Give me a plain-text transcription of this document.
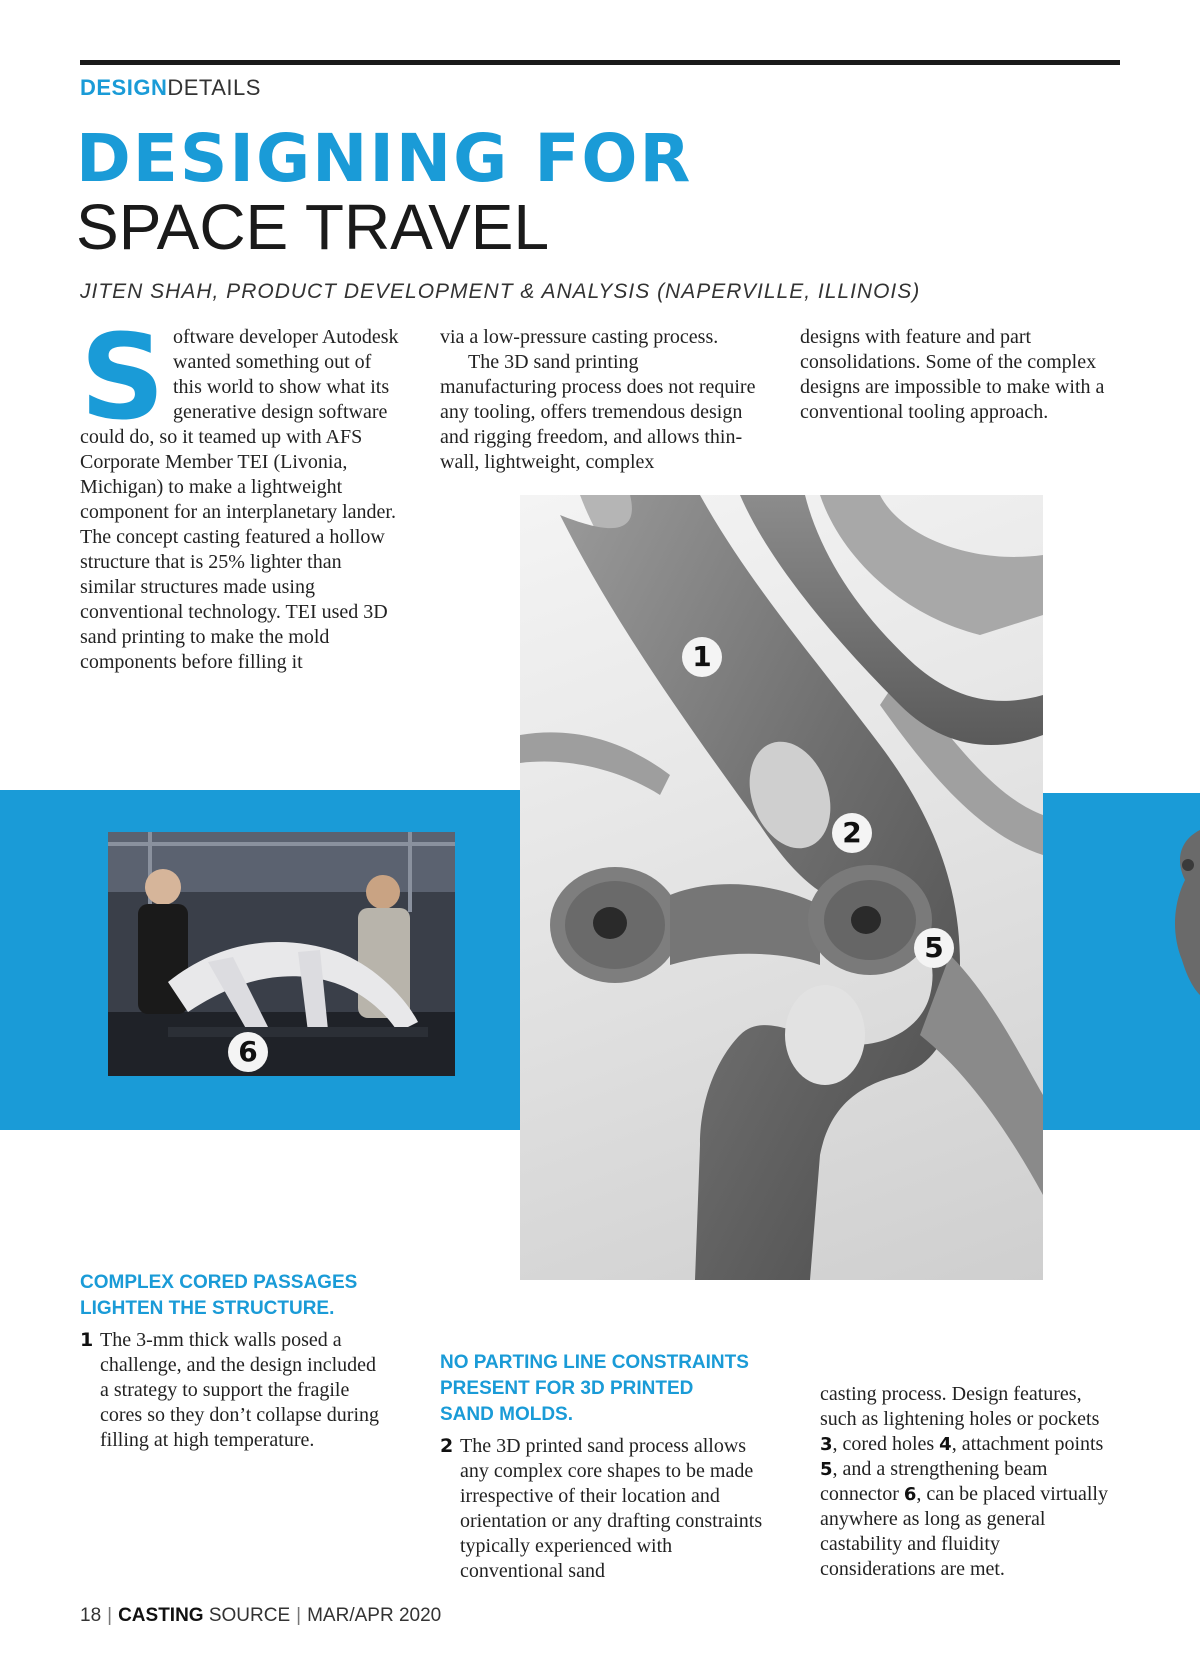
DESIGNDETAILS
DESIGNING FOR
SPACE TRAVEL
JITEN SHAH, PRODUCT DEVELOPMENT & ANALYSIS (NAPERVILLE, ILLINOIS)
S oftware developer Autodesk wanted something out of this world to show what its generative design software could do, so it teamed up with AFS Corporate Member TEI (Livonia, Michigan) to make a lightweight component for an interplanetary lander. The concept casting featured a hollow structure that is 25% lighter than similar structures made using conventional technology. TEI used 3D sand printing to make the mold components before filling it
via a low-pressure casting process.
The 3D sand printing manufacturing process does not require any tooling, offers tremendous design and rigging freedom, and allows thin-wall, lightweight, complex
designs with feature and part consolidations. Some of the complex designs are impossible to make with a conventional tooling approach.
1
2
5
6
COMPLEX CORED PASSAGES LIGHTEN THE STRUCTURE.
1 The 3-mm thick walls posed a challenge, and the design included a strategy to support the fragile cores so they don’t collapse during filling at high temperature.
NO PARTING LINE CONSTRAINTS PRESENT FOR 3D PRINTED SAND MOLDS.
2 The 3D printed sand process allows any complex core shapes to be made irrespective of their location and orientation or any drafting constraints typically experienced with conventional sand
casting process. Design features, such as lightening holes or pockets 3, cored holes 4, attachment points 5, and a strengthening beam connector 6, can be placed virtually anywhere as long as general castability and fluidity considerations are met.
18 | CASTING SOURCE | MAR/APR 2020
